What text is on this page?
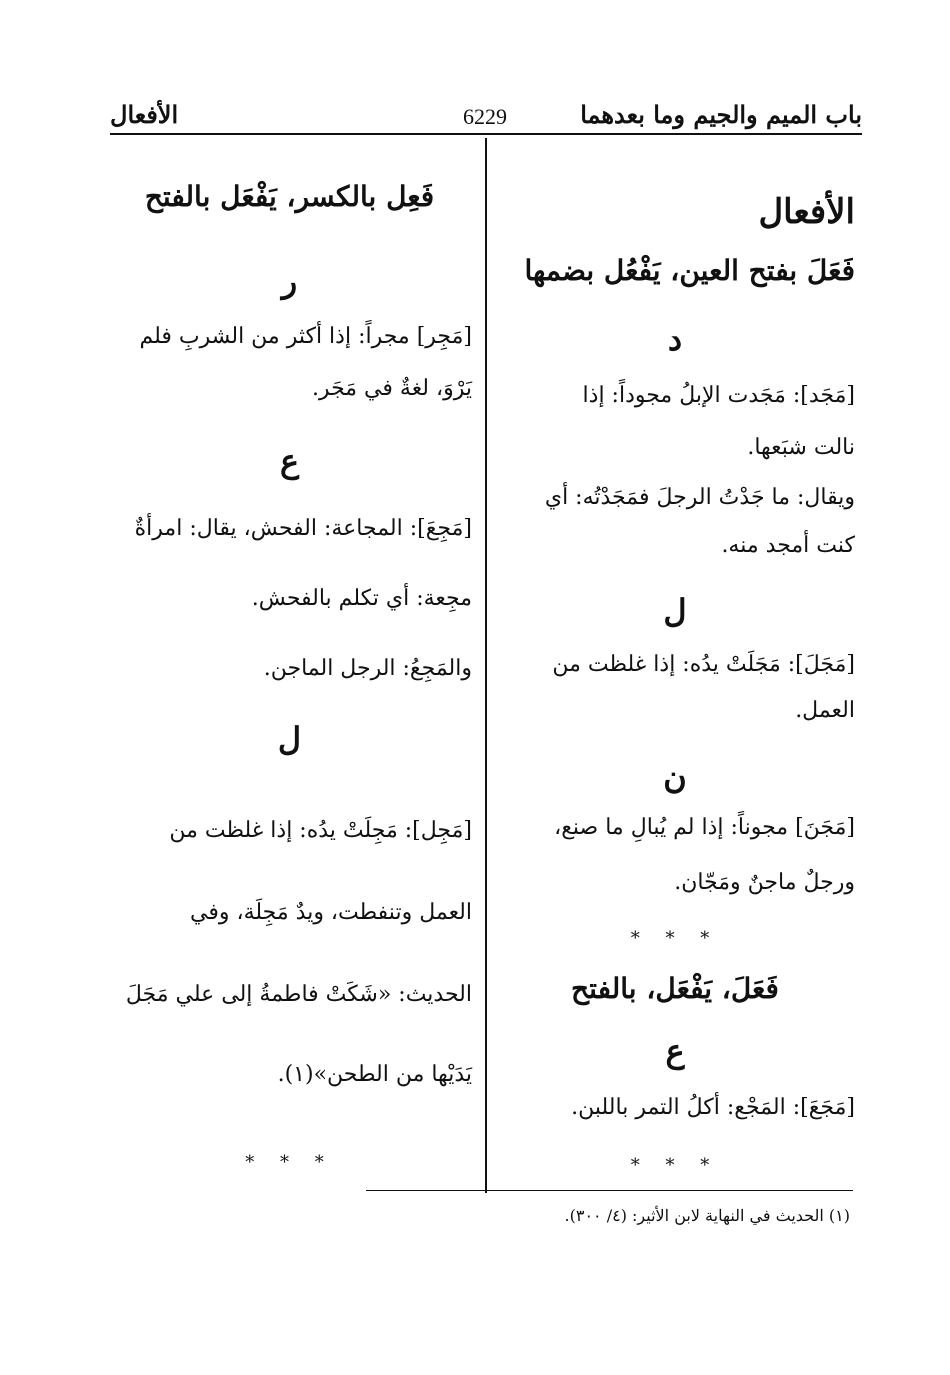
باب الميم والجيم وما بعدهما
6229
الأفعال
الأفعال
فَعَلَ بفتح العين، يَفْعُل بضمها
د
[مَجَد]: مَجَدت الإبلُ مجوداً: إذا
نالت شبَعها.
ويقال: ما جَدْتُ الرجلَ فمَجَدْتُه: أي
كنت أمجد منه.
ل
[مَجَلَ]: مَجَلَتْ يدُه: إذا غلظت من
العمل.
ن
[مَجَنَ] مجوناً: إذا لم يُبالِ ما صنع،
ورجلٌ ماجنٌ ومَجّان.
* * *
فَعَلَ، يَفْعَل، بالفتح
ع
[مَجَعَ]: المَجْع: أكلُ التمر باللبن.
* * *
فَعِل بالكسر، يَفْعَل بالفتح
ر
[مَجِر] مجراً: إذا أكثر من الشربِ فلم
يَرْوَ، لغةٌ في مَجَر.
ع
[مَجِعَ]: المجاعة: الفحش، يقال: امرأةٌ
مجِعة: أي تكلم بالفحش.
والمَجِعُ: الرجل الماجن.
ل
[مَجِل]: مَجِلَتْ يدُه: إذا غلظت من
العمل وتنفطت، ويدٌ مَجِلَة، وفي
الحديث: «شَكَتْ فاطمةُ إلى علي مَجَلَ
يَدَيْها من الطحن»(١).
* * *
(١) الحديث في النهاية لابن الأثير: (٤/ ٣٠٠).
